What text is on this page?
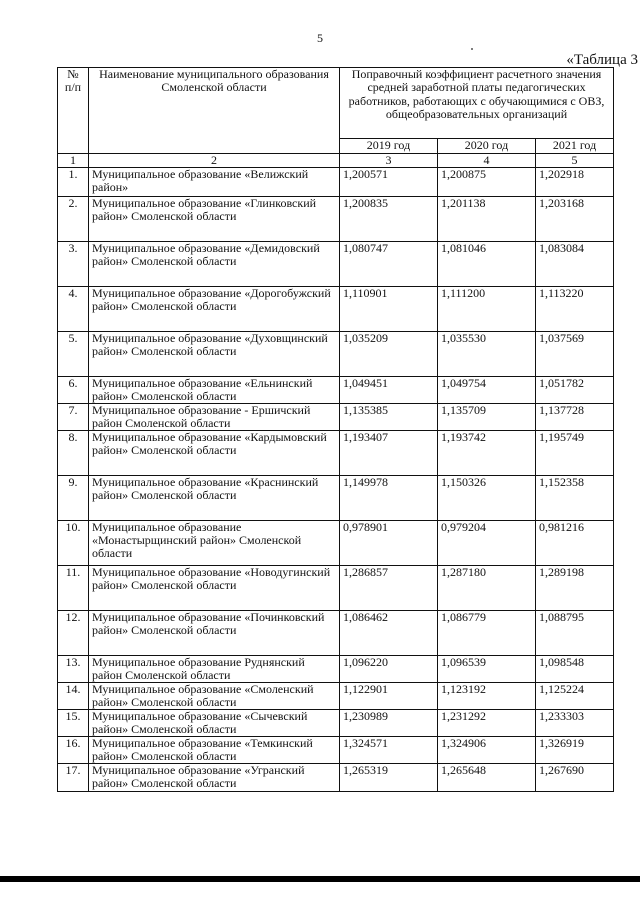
5
«Таблица 3
№ п/п	Наименование муниципального образования Смоленской области	Поправочный коэффициент расчетного значения средней заработной платы педагогических работников, работающих с обучающимися с ОВЗ, общеобразовательных организаций		
		2019 год	2020 год	2021 год
1	2	3	4	5
1.	Муниципальное образование «Велижский район»	1,200571	1,200875	1,202918
2.	Муниципальное образование «Глинковский район» Смоленской области	1,200835	1,201138	1,203168
3.	Муниципальное образование «Демидовский район» Смоленской области	1,080747	1,081046	1,083084
4.	Муниципальное образование «Дорогобужский район» Смоленской области	1,110901	1,111200	1,113220
5.	Муниципальное образование «Духовщинский район» Смоленской области	1,035209	1,035530	1,037569
6.	Муниципальное образование «Ельнинский район» Смоленской области	1,049451	1,049754	1,051782
7.	Муниципальное образование - Ершичский район Смоленской области	1,135385	1,135709	1,137728
8.	Муниципальное образование «Кардымовский район» Смоленской области	1,193407	1,193742	1,195749
9.	Муниципальное образование «Краснинский район» Смоленской области	1,149978	1,150326	1,152358
10.	Муниципальное образование «Монастырщинский район» Смоленской области	0,978901	0,979204	0,981216
11.	Муниципальное образование «Новодугинский район» Смоленской области	1,286857	1,287180	1,289198
12.	Муниципальное образование «Починковский район» Смоленской области	1,086462	1,086779	1,088795
13.	Муниципальное образование Руднянский район Смоленской области	1,096220	1,096539	1,098548
14.	Муниципальное образование «Смоленский район» Смоленской области	1,122901	1,123192	1,125224
15.	Муниципальное образование «Сычевский район» Смоленской области	1,230989	1,231292	1,233303
16.	Муниципальное образование «Темкинский район» Смоленской области	1,324571	1,324906	1,326919
17.	Муниципальное образование «Угранский район» Смоленской области	1,265319	1,265648	1,267690
